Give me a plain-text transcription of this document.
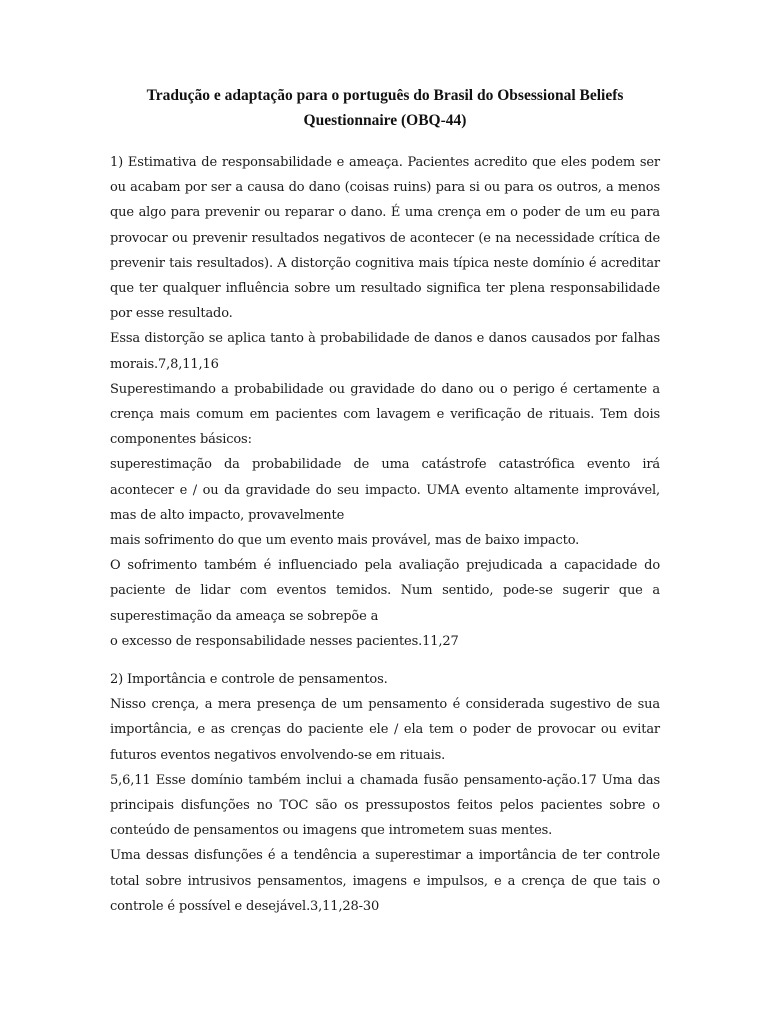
Tradução e adaptação para o português do Brasil do Obsessional Beliefs
Questionnaire (OBQ-44)

1) Estimativa de responsabilidade e ameaça. Pacientes acredito que eles podem ser ou acabam por ser a causa do dano (coisas ruins) para si ou para os outros, a menos que algo para prevenir ou reparar o dano. É uma crença em o poder de um eu para provocar ou prevenir resultados negativos de acontecer (e na necessidade crítica de prevenir tais resultados). A distorção cognitiva mais típica neste domínio é acreditar que ter qualquer influência sobre um resultado significa ter plena responsabilidade por esse resultado.

Essa distorção se aplica tanto à probabilidade de danos e danos causados por falhas morais.7,8,11,16

Superestimando a probabilidade ou gravidade do dano ou o perigo é certamente a crença mais comum em pacientes com lavagem e verificação de rituais. Tem dois componentes básicos:

superestimação da probabilidade de uma catástrofe catastrófica evento irá acontecer e / ou da gravidade do seu impacto. UMA evento altamente improvável, mas de alto impacto, provavelmente

mais sofrimento do que um evento mais provável, mas de baixo impacto.

O sofrimento também é influenciado pela avaliação prejudicada a capacidade do paciente de lidar com eventos temidos. Num sentido, pode-se sugerir que a superestimação da ameaça se sobrepõe a

o excesso de responsabilidade nesses pacientes.11,27

2) Importância e controle de pensamentos.

Nisso crença, a mera presença de um pensamento é considerada sugestivo de sua importância, e as crenças do paciente ele / ela tem o poder de provocar ou evitar futuros eventos negativos envolvendo-se em rituais.

5,6,11 Esse domínio também inclui a chamada fusão pensamento-ação.17 Uma das principais disfunções no TOC são os pressupostos feitos pelos pacientes sobre o conteúdo de pensamentos ou imagens que intrometem suas mentes.

Uma dessas disfunções é a tendência a superestimar a importância de ter controle total sobre intrusivos pensamentos, imagens e impulsos, e a crença de que tais o controle é possível e desejável.3,11,28-30
